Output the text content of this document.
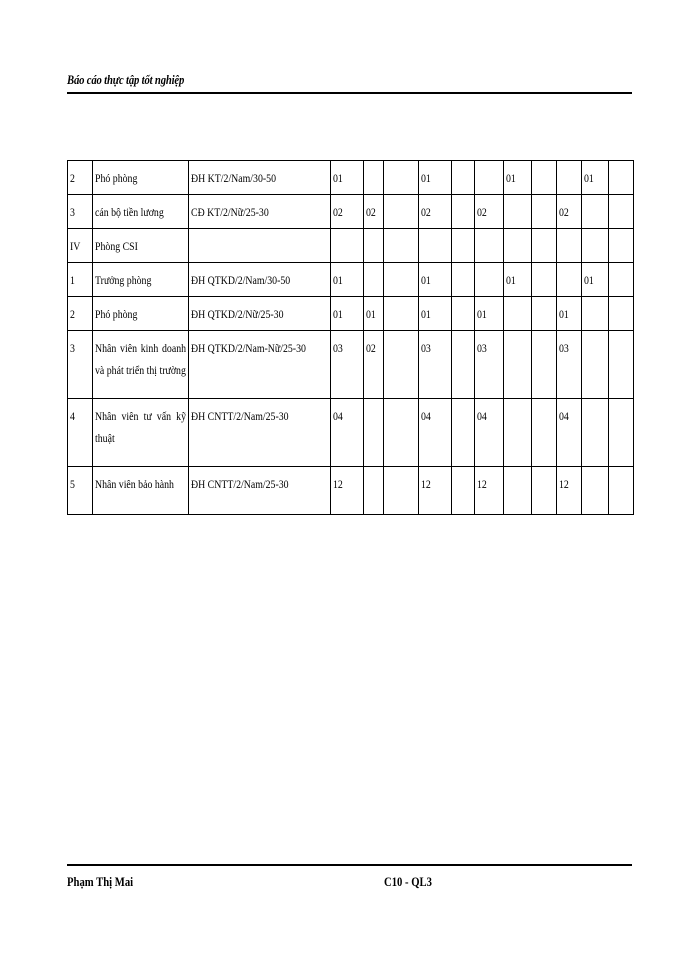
Báo cáo thực tập tốt nghiệp
2	Phó phòng	ĐH KT/2/Nam/30-50	01			01			01			01	
3	cán bộ tiền lương	CĐ KT/2/Nữ/25-30	02	02		02		02			02		
IV	Phòng CSI												

1	Trưởng phòng	ĐH QTKD/2/Nam/30-50	01			01			01			01	
2	Phó phòng	ĐH QTKD/2/Nữ/25-30	01	01		01		01			01		
3	Nhân viên kinh doanh và phát triển thị trường	ĐH QTKD/2/Nam-Nữ/25-30	03	02		03		03			03		
4	Nhân viên tư vấn kỹ thuật	ĐH CNTT/2/Nam/25-30	04			04		04			04		
5	Nhân viên bảo hành	ĐH CNTT/2/Nam/25-30	12			12		12			12		
Phạm Thị Mai	C10 - QL3
